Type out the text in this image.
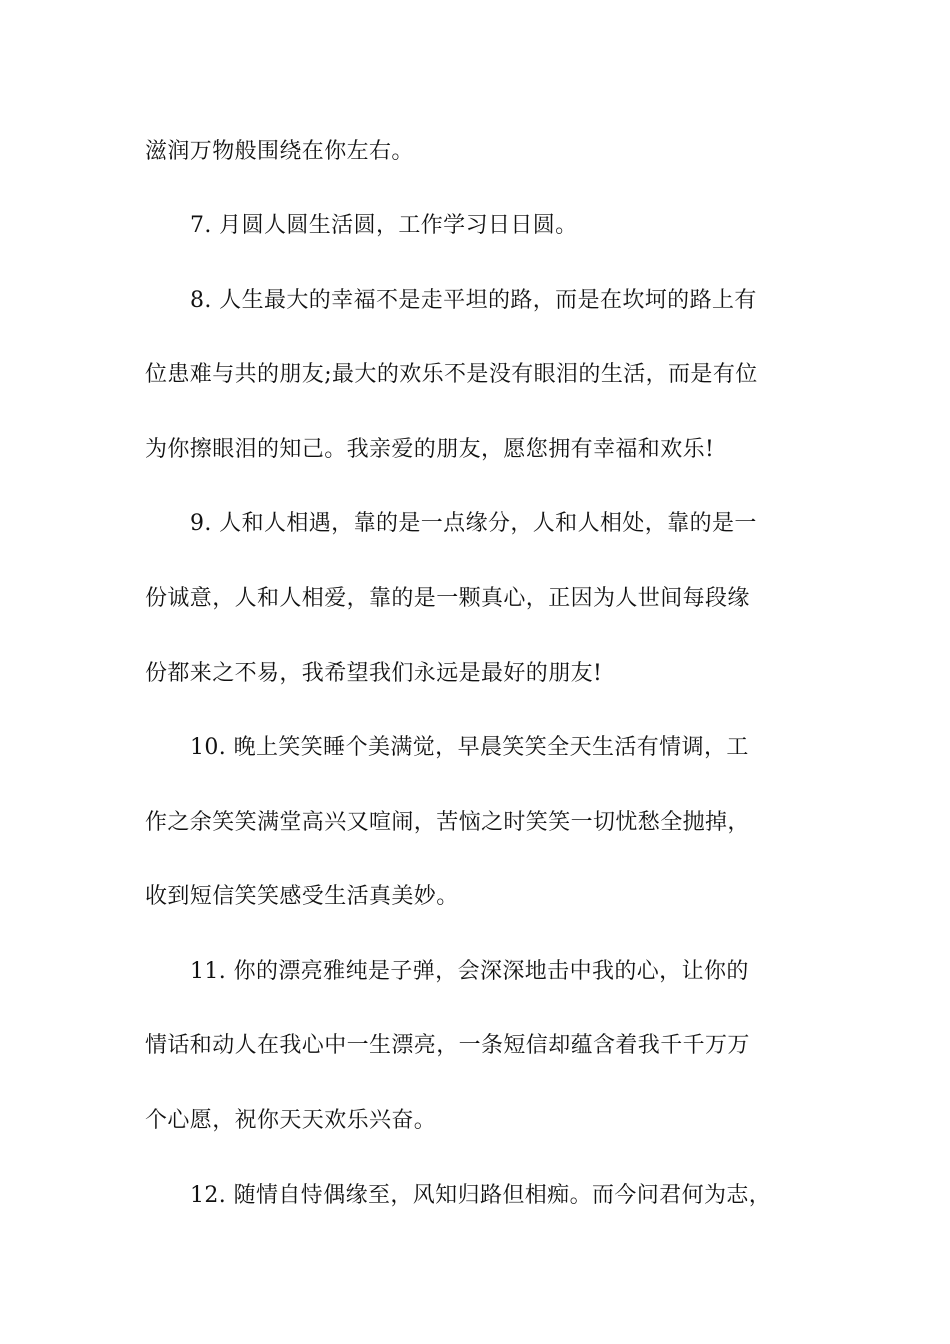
滋润万物般围绕在你左右。
7. 月圆人圆生活圆，工作学习日日圆。
8. 人生最大的幸福不是走平坦的路，而是在坎坷的路上有
位患难与共的朋友;最大的欢乐不是没有眼泪的生活，而是有位
为你擦眼泪的知己。我亲爱的朋友，愿您拥有幸福和欢乐!
9. 人和人相遇，靠的是一点缘分，人和人相处，靠的是一
份诚意，人和人相爱，靠的是一颗真心，正因为人世间每段缘
份都来之不易，我希望我们永远是最好的朋友!
10. 晚上笑笑睡个美满觉，早晨笑笑全天生活有情调，工
作之余笑笑满堂高兴又喧闹，苦恼之时笑笑一切忧愁全抛掉，
收到短信笑笑感受生活真美妙。
11. 你的漂亮雅纯是子弹，会深深地击中我的心，让你的
情话和动人在我心中一生漂亮，一条短信却蕴含着我千千万万
个心愿，祝你天天欢乐兴奋。
12. 随情自恃偶缘至，风知归路但相痴。而今问君何为志，
